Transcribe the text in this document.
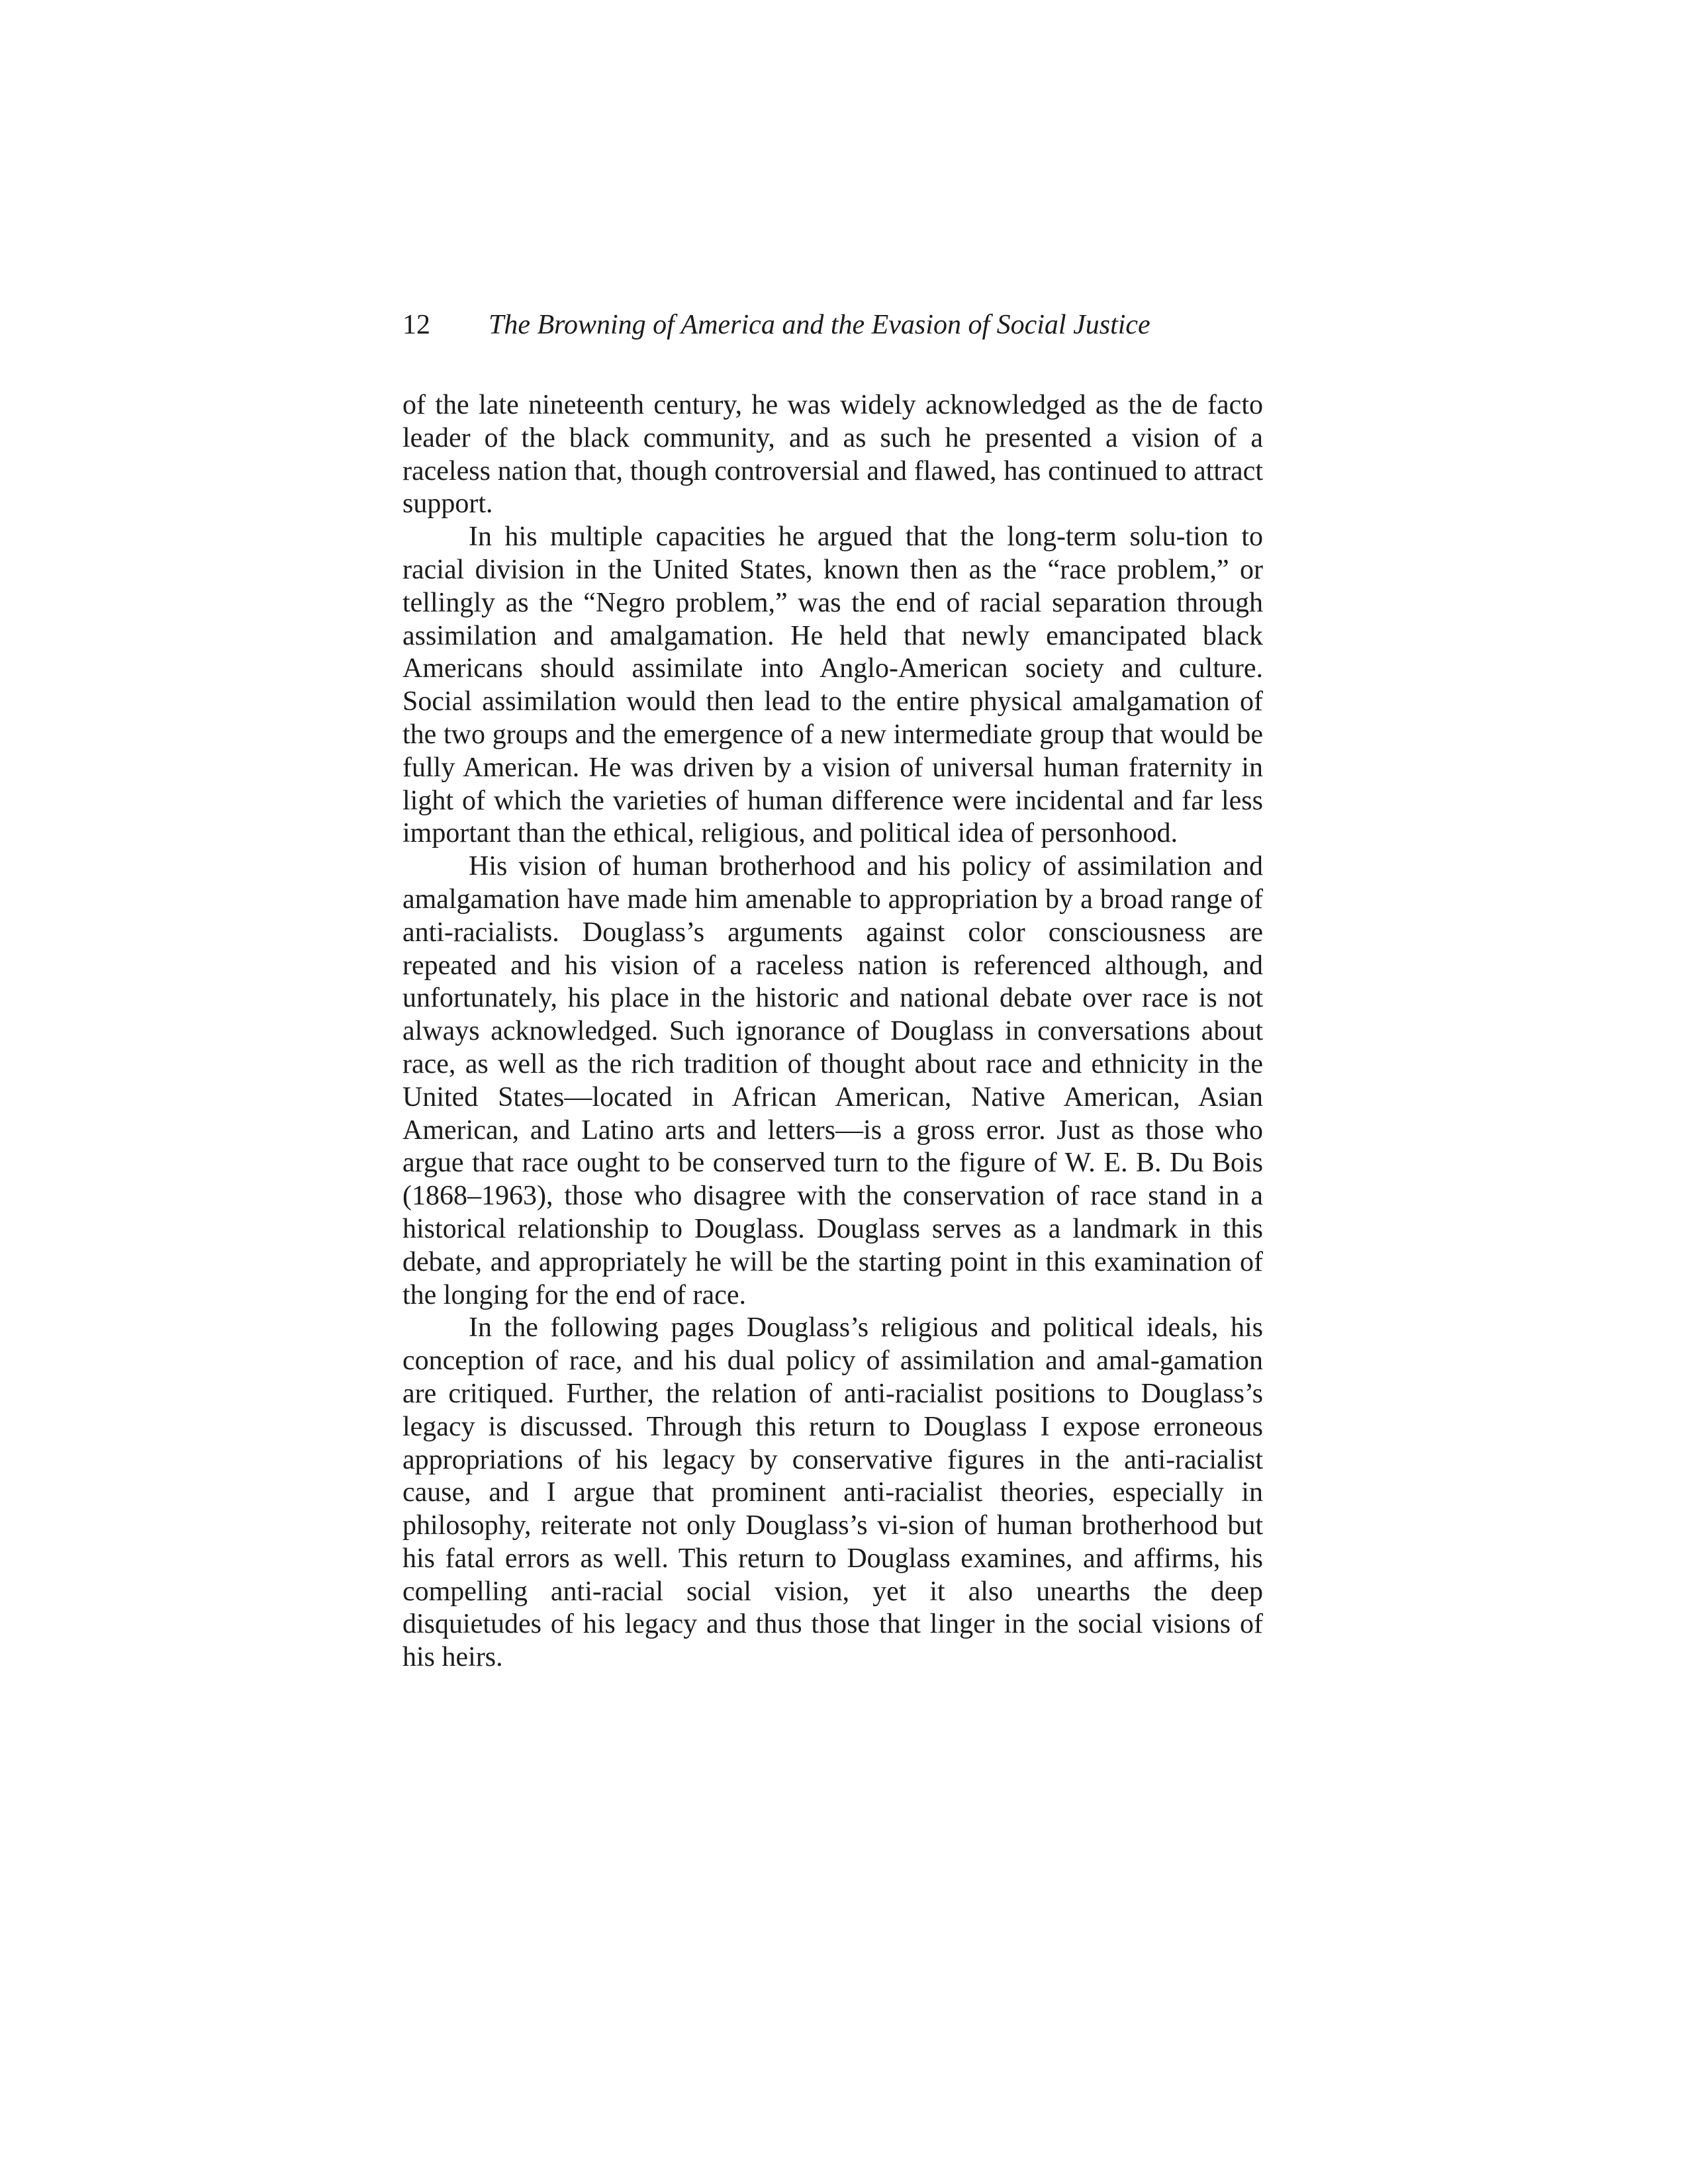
12 The Browning of America and the Evasion of Social Justice

of the late nineteenth century, he was widely acknowledged as the de facto leader of the black community, and as such he presented a vision of a raceless nation that, though controversial and flawed, has continued to attract support.

In his multiple capacities he argued that the long-term solu-tion to racial division in the United States, known then as the “race problem,” or tellingly as the “Negro problem,” was the end of racial separation through assimilation and amalgamation. He held that newly emancipated black Americans should assimilate into Anglo-American society and culture. Social assimilation would then lead to the entire physical amalgamation of the two groups and the emergence of a new intermediate group that would be fully American. He was driven by a vision of universal human fraternity in light of which the varieties of human difference were incidental and far less important than the ethical, religious, and political idea of personhood.

His vision of human brotherhood and his policy of assimilation and amalgamation have made him amenable to appropriation by a broad range of anti-racialists. Douglass’s arguments against color consciousness are repeated and his vision of a raceless nation is referenced although, and unfortunately, his place in the historic and national debate over race is not always acknowledged. Such ignorance of Douglass in conversations about race, as well as the rich tradition of thought about race and ethnicity in the United States—located in African American, Native American, Asian American, and Latino arts and letters—is a gross error. Just as those who argue that race ought to be conserved turn to the figure of W. E. B. Du Bois (1868–1963), those who disagree with the conservation of race stand in a historical relationship to Douglass. Douglass serves as a landmark in this debate, and appropriately he will be the starting point in this examination of the longing for the end of race.

In the following pages Douglass’s religious and political ideals, his conception of race, and his dual policy of assimilation and amal-gamation are critiqued. Further, the relation of anti-racialist positions to Douglass’s legacy is discussed. Through this return to Douglass I expose erroneous appropriations of his legacy by conservative figures in the anti-racialist cause, and I argue that prominent anti-racialist theories, especially in philosophy, reiterate not only Douglass’s vi-sion of human brotherhood but his fatal errors as well. This return to Douglass examines, and affirms, his compelling anti-racial social vision, yet it also unearths the deep disquietudes of his legacy and thus those that linger in the social visions of his heirs.
